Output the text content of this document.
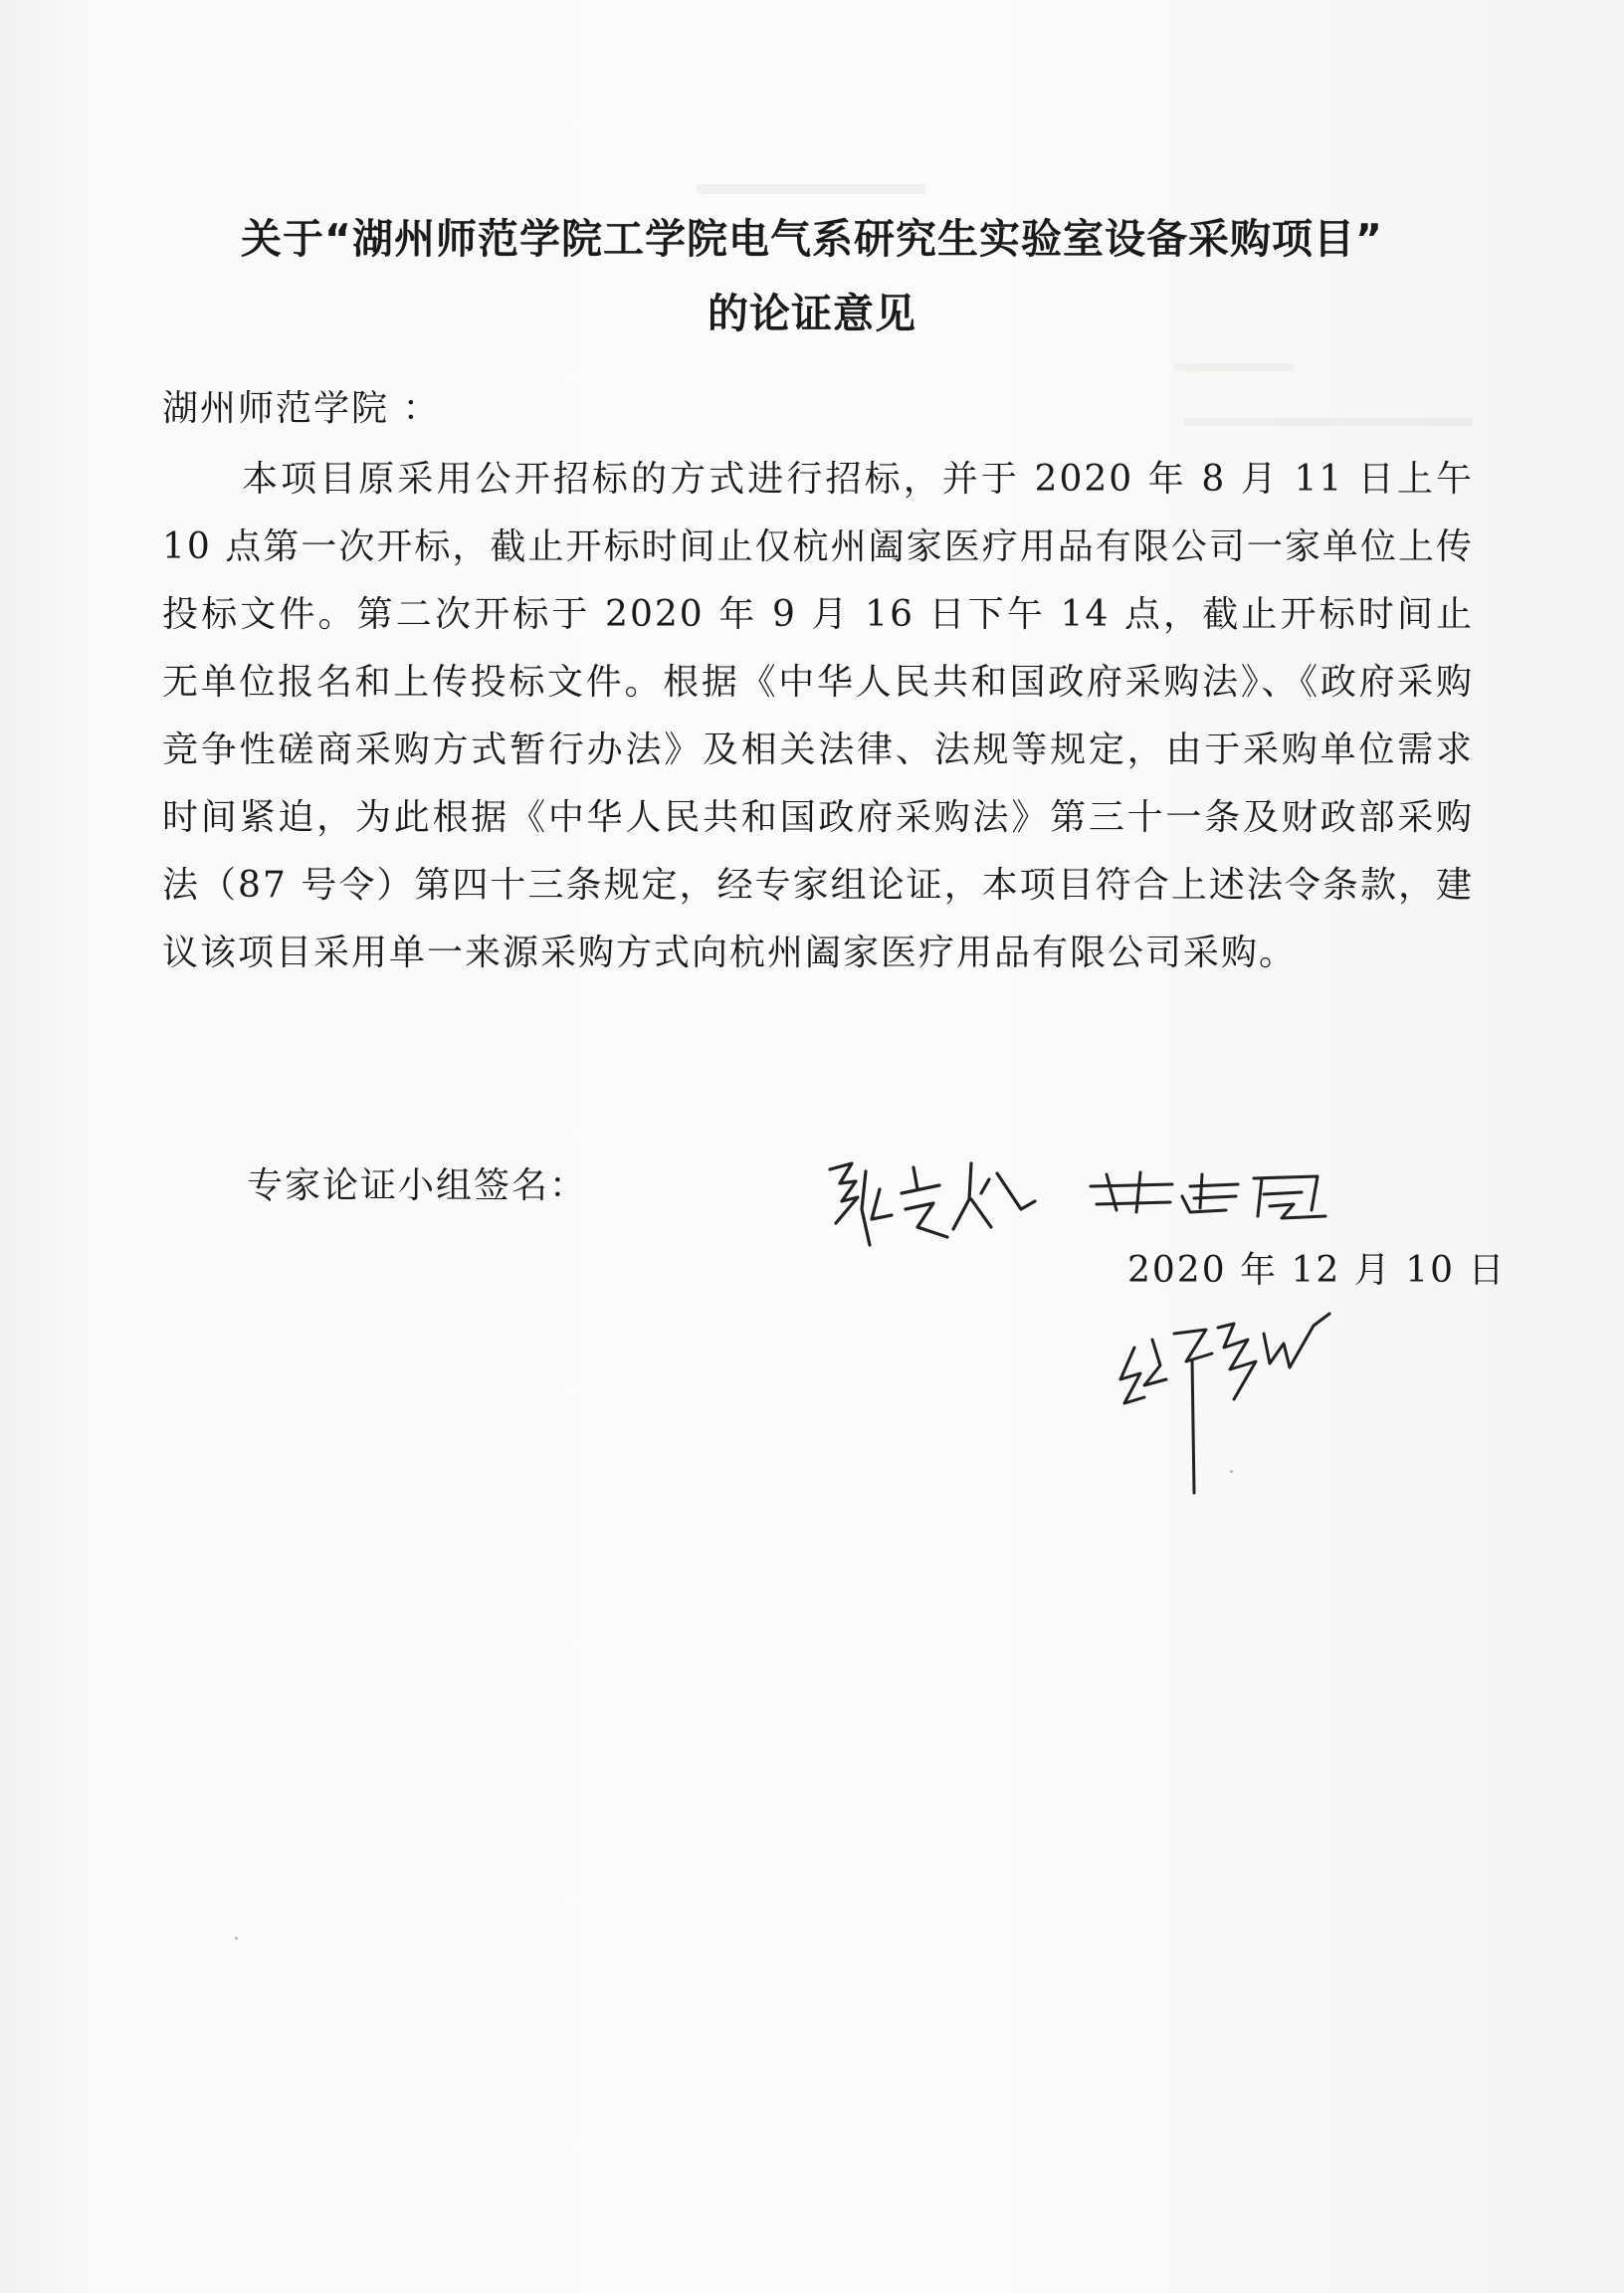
关于“湖州师范学院工学院电气系研究生实验室设备采购项目”
的论证意见
湖州师范学院 ：

本项目原采用公开招标的方式进行招标，并于 2020 年 8 月 11 日上午 10 点第一次开标，截止开标时间止仅杭州阖家医疗用品有限公司一家单位上传投标文件。第二次开标于 2020 年 9 月 16 日下午 14 点，截止开标时间止无单位报名和上传投标文件。根据《中华人民共和国政府采购法》、《政府采购竞争性磋商采购方式暂行办法》及相关法律、法规等规定，由于采购单位需求时间紧迫，为此根据《中华人民共和国政府采购法》第三十一条及财政部采购法（87 号令）第四十三条规定，经专家组论证，本项目符合上述法令条款，建议该项目采用单一来源采购方式向杭州阖家医疗用品有限公司采购。

专家论证小组签名：
2020 年 12 月 10 日
